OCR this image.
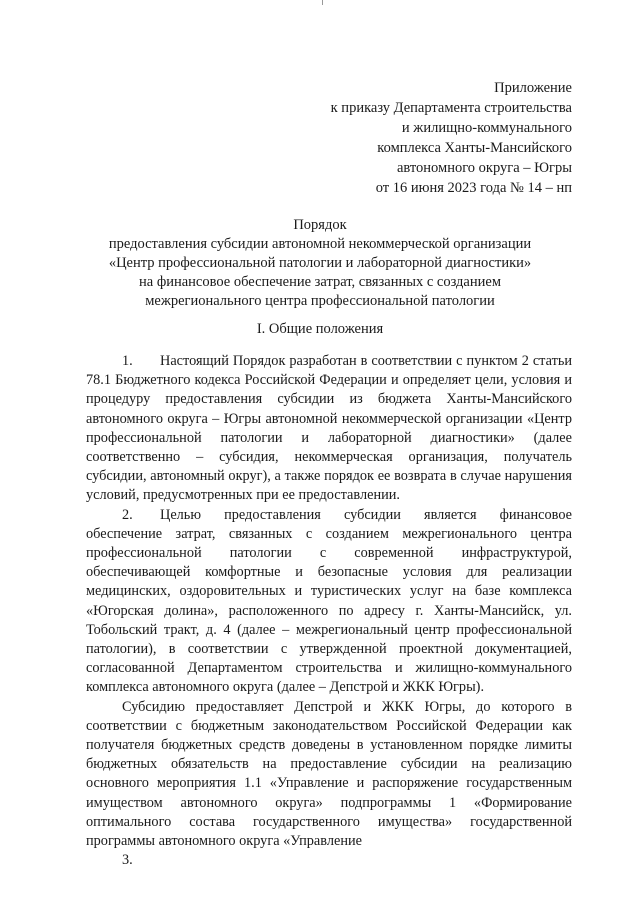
Приложение
к приказу Департамента строительства
и жилищно-коммунального
комплекса Ханты-Мансийского
автономного округа – Югры
от 16 июня 2023 года № 14 – нп
Порядок
предоставления субсидии автономной некоммерческой организации
«Центр профессиональной патологии и лабораторной диагностики»
на финансовое обеспечение затрат, связанных с созданием
межрегионального центра профессиональной патологии
I. Общие положения

1. Настоящий Порядок разработан в соответствии с пунктом 2 статьи 78.1 Бюджетного кодекса Российской Федерации и определяет цели, условия и процедуру предоставления субсидии из бюджета Ханты-Мансийского автономного округа – Югры автономной некоммерческой организации «Центр профессиональной патологии и лабораторной диагностики» (далее соответственно – субсидия, некоммерческая организация, получатель субсидии, автономный округ), а также порядок ее возврата в случае нарушения условий, предусмотренных при ее предоставлении.

2. Целью предоставления субсидии является финансовое обеспечение затрат, связанных с созданием межрегионального центра профессиональной патологии с современной инфраструктурой, обеспечивающей комфортные и безопасные условия для реализации медицинских, оздоровительных и туристических услуг на базе комплекса «Югорская долина», расположенного по адресу г. Ханты-Мансийск, ул. Тобольский тракт, д. 4 (далее – межрегиональный центр профессиональной патологии), в соответствии с утвержденной проектной документацией, согласованной Департаментом строительства и жилищно-коммунального комплекса автономного округа (далее – Депстрой и ЖКК Югры).

Субсидию предоставляет Депстрой и ЖКК Югры, до которого в соответствии с бюджетным законодательством Российской Федерации как получателя бюджетных средств доведены в установленном порядке лимиты бюджетных обязательств на предоставление субсидии на реализацию основного мероприятия 1.1 «Управление и распоряжение государственным имуществом автономного округа» подпрограммы 1 «Формирование оптимального состава государственного имущества» государственной программы автономного округа «Управление

3.
